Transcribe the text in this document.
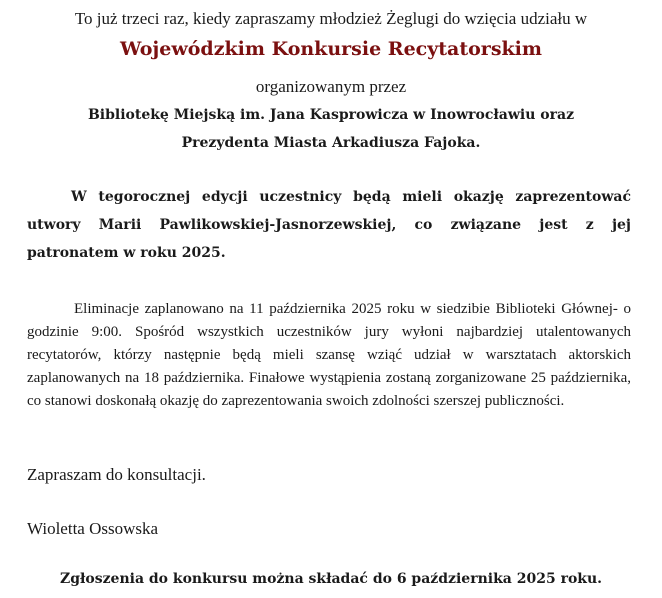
To już trzeci raz, kiedy zapraszamy młodzież Żeglugi do wzięcia udziału w
Wojewódzkim Konkursie Recytatorskim
organizowanym przez
Bibliotekę Miejską im. Jana Kasprowicza w Inowrocławiu oraz
Prezydenta Miasta Arkadiusza Fajoka.
W tegorocznej edycji uczestnicy będą mieli okazję zaprezentować utwory Marii Pawlikowskiej-Jasnorzewskiej, co związane jest z jej patronatem w roku 2025.
Eliminacje zaplanowano na 11 października 2025 roku w siedzibie Biblioteki Głównej- o godzinie 9:00. Spośród wszystkich uczestników jury wyłoni najbardziej utalentowanych recytatorów, którzy następnie będą mieli szansę wziąć udział w warsztatach aktorskich zaplanowanych na 18 października. Finałowe wystąpienia zostaną zorganizowane 25 października, co stanowi doskonałą okazję do zaprezentowania swoich zdolności szerszej publiczności.
Zapraszam do konsultacji.
Wioletta Ossowska
Zgłoszenia do konkursu można składać do 6 października 2025 roku.
